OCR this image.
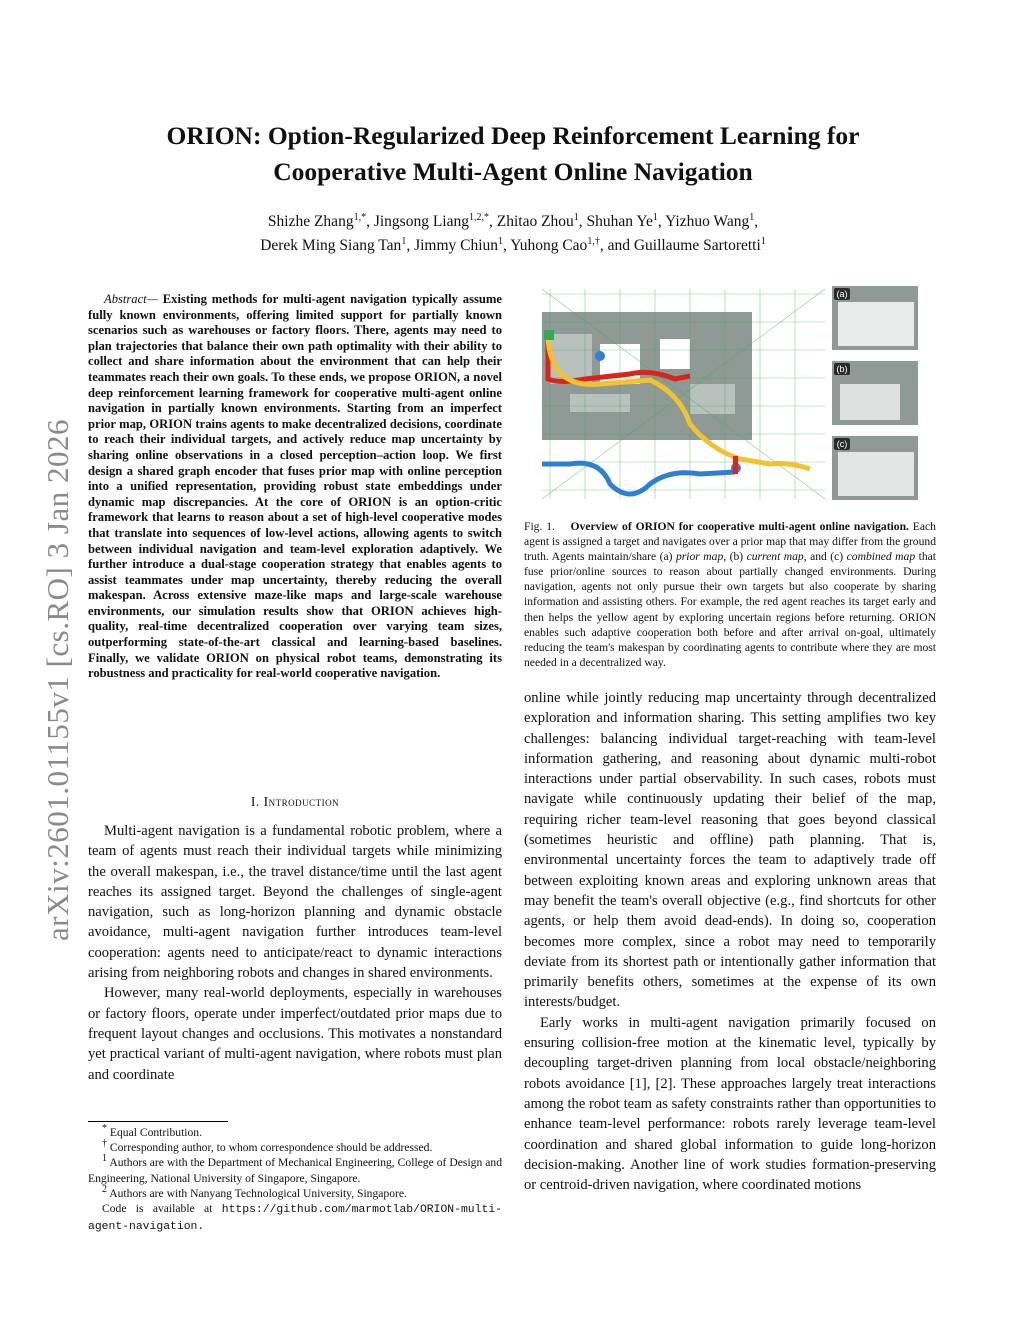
arXiv:2601.01155v1 [cs.RO] 3 Jan 2026
ORION: Option-Regularized Deep Reinforcement Learning for
Cooperative Multi-Agent Online Navigation
Shizhe Zhang$^{1,*}$, Jingsong Liang$^{1,2,*}$, Zhitao Zhou$^1$, Shuhan Ye$^1$, Yizhuo Wang$^1$,
Derek Ming Siang Tan$^1$, Jimmy Chiun$^1$, Yuhong Cao$^{1,\dagger}$, and Guillaume Sartoretti$^1$
Abstract— Existing methods for multi-agent navigation typically assume fully known environments, offering limited support for partially known scenarios such as warehouses or factory floors. There, agents may need to plan trajectories that balance their own path optimality with their ability to collect and share information about the environment that can help their teammates reach their own goals. To these ends, we propose ORION, a novel deep reinforcement learning framework for cooperative multi-agent online navigation in partially known environments. Starting from an imperfect prior map, ORION trains agents to make decentralized decisions, coordinate to reach their individual targets, and actively reduce map uncertainty by sharing online observations in a closed perception–action loop. We first design a shared graph encoder that fuses prior map with online perception into a unified representation, providing robust state embeddings under dynamic map discrepancies. At the core of ORION is an option-critic framework that learns to reason about a set of high-level cooperative modes that translate into sequences of low-level actions, allowing agents to switch between individual navigation and team-level exploration adaptively. We further introduce a dual-stage cooperation strategy that enables agents to assist teammates under map uncertainty, thereby reducing the overall makespan. Across extensive maze-like maps and large-scale warehouse environments, our simulation results show that ORION achieves high-quality, real-time decentralized cooperation over varying team sizes, outperforming state-of-the-art classical and learning-based baselines. Finally, we validate ORION on physical robot teams, demonstrating its robustness and practicality for real-world cooperative navigation.
I. Introduction

Multi-agent navigation is a fundamental robotic problem, where a team of agents must reach their individual targets while minimizing the overall makespan, i.e., the travel distance/time until the last agent reaches its assigned target. Beyond the challenges of single-agent navigation, such as long-horizon planning and dynamic obstacle avoidance, multi-agent navigation further introduces team-level cooperation: agents need to anticipate/react to dynamic interactions arising from neighboring robots and changes in shared environments.

However, many real-world deployments, especially in warehouses or factory floors, operate under imperfect/outdated prior maps due to frequent layout changes and occlusions. This motivates a nonstandard yet practical variant of multi-agent navigation, where robots must plan and coordinate

* Equal Contribution.

† Corresponding author, to whom correspondence should be addressed.

$^1$ Authors are with the Department of Mechanical Engineering, College of Design and Engineering, National University of Singapore, Singapore.

$^2$ Authors are with Nanyang Technological University, Singapore.

Code is available at https://github.com/marmotlab/ORION-multi-agent-navigation.

(a)
(b)
(c)
Fig. 1. Overview of ORION for cooperative multi-agent online navigation. Each agent is assigned a target and navigates over a prior map that may differ from the ground truth. Agents maintain/share (a) prior map, (b) current map, and (c) combined map that fuse prior/online sources to reason about partially changed environments. During navigation, agents not only pursue their own targets but also cooperate by sharing information and assisting others. For example, the red agent reaches its target early and then helps the yellow agent by exploring uncertain regions before returning. ORION enables such adaptive cooperation both before and after arrival on-goal, ultimately reducing the team's makespan by coordinating agents to contribute where they are most needed in a decentralized way.

online while jointly reducing map uncertainty through decentralized exploration and information sharing. This setting amplifies two key challenges: balancing individual target-reaching with team-level information gathering, and reasoning about dynamic multi-robot interactions under partial observability. In such cases, robots must navigate while continuously updating their belief of the map, requiring richer team-level reasoning that goes beyond classical (sometimes heuristic and offline) path planning. That is, environmental uncertainty forces the team to adaptively trade off between exploiting known areas and exploring unknown areas that may benefit the team's overall objective (e.g., find shortcuts for other agents, or help them avoid dead-ends). In doing so, cooperation becomes more complex, since a robot may need to temporarily deviate from its shortest path or intentionally gather information that primarily benefits others, sometimes at the expense of its own interests/budget.

Early works in multi-agent navigation primarily focused on ensuring collision-free motion at the kinematic level, typically by decoupling target-driven planning from local obstacle/neighboring robots avoidance [1], [2]. These approaches largely treat interactions among the robot team as safety constraints rather than opportunities to enhance team-level performance: robots rarely leverage team-level coordination and shared global information to guide long-horizon decision-making. Another line of work studies formation-preserving or centroid-driven navigation, where coordinated motions
